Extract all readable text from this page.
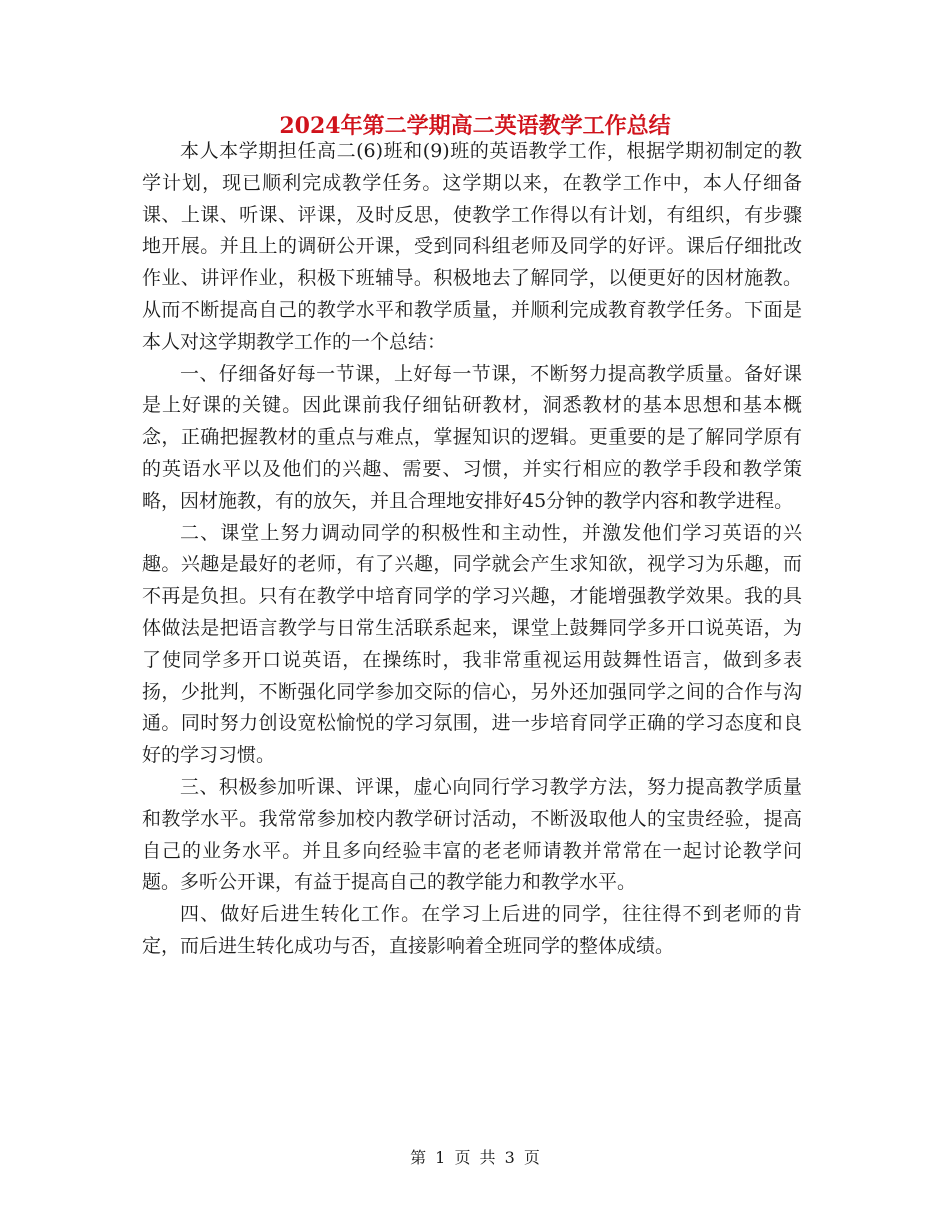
2024年第二学期高二英语教学工作总结

本人本学期担任高二(6)班和(9)班的英语教学工作，根据学期初制定的教学计划，现已顺利完成教学任务。这学期以来，在教学工作中，本人仔细备课、上课、听课、评课，及时反思，使教学工作得以有计划，有组织，有步骤地开展。并且上的调研公开课，受到同科组老师及同学的好评。课后仔细批改作业、讲评作业，积极下班辅导。积极地去了解同学，以便更好的因材施教。从而不断提高自己的教学水平和教学质量，并顺利完成教育教学任务。下面是本人对这学期教学工作的一个总结：

一、仔细备好每一节课，上好每一节课，不断努力提高教学质量。备好课是上好课的关键。因此课前我仔细钻研教材，洞悉教材的基本思想和基本概念，正确把握教材的重点与难点，掌握知识的逻辑。更重要的是了解同学原有的英语水平以及他们的兴趣、需要、习惯，并实行相应的教学手段和教学策略，因材施教，有的放矢，并且合理地安排好45分钟的教学内容和教学进程。

二、课堂上努力调动同学的积极性和主动性，并激发他们学习英语的兴趣。兴趣是最好的老师，有了兴趣，同学就会产生求知欲，视学习为乐趣，而不再是负担。只有在教学中培育同学的学习兴趣，才能增强教学效果。我的具体做法是把语言教学与日常生活联系起来，课堂上鼓舞同学多开口说英语，为了使同学多开口说英语，在操练时，我非常重视运用鼓舞性语言，做到多表扬，少批判，不断强化同学参加交际的信心，另外还加强同学之间的合作与沟通。同时努力创设宽松愉悦的学习氛围，进一步培育同学正确的学习态度和良好的学习习惯。

三、积极参加听课、评课，虚心向同行学习教学方法，努力提高教学质量和教学水平。我常常参加校内教学研讨活动，不断汲取他人的宝贵经验，提高自己的业务水平。并且多向经验丰富的老老师请教并常常在一起讨论教学问题。多听公开课，有益于提高自己的教学能力和教学水平。

四、做好后进生转化工作。在学习上后进的同学，往往得不到老师的肯定，而后进生转化成功与否，直接影响着全班同学的整体成绩。

第 1 页 共 3 页
